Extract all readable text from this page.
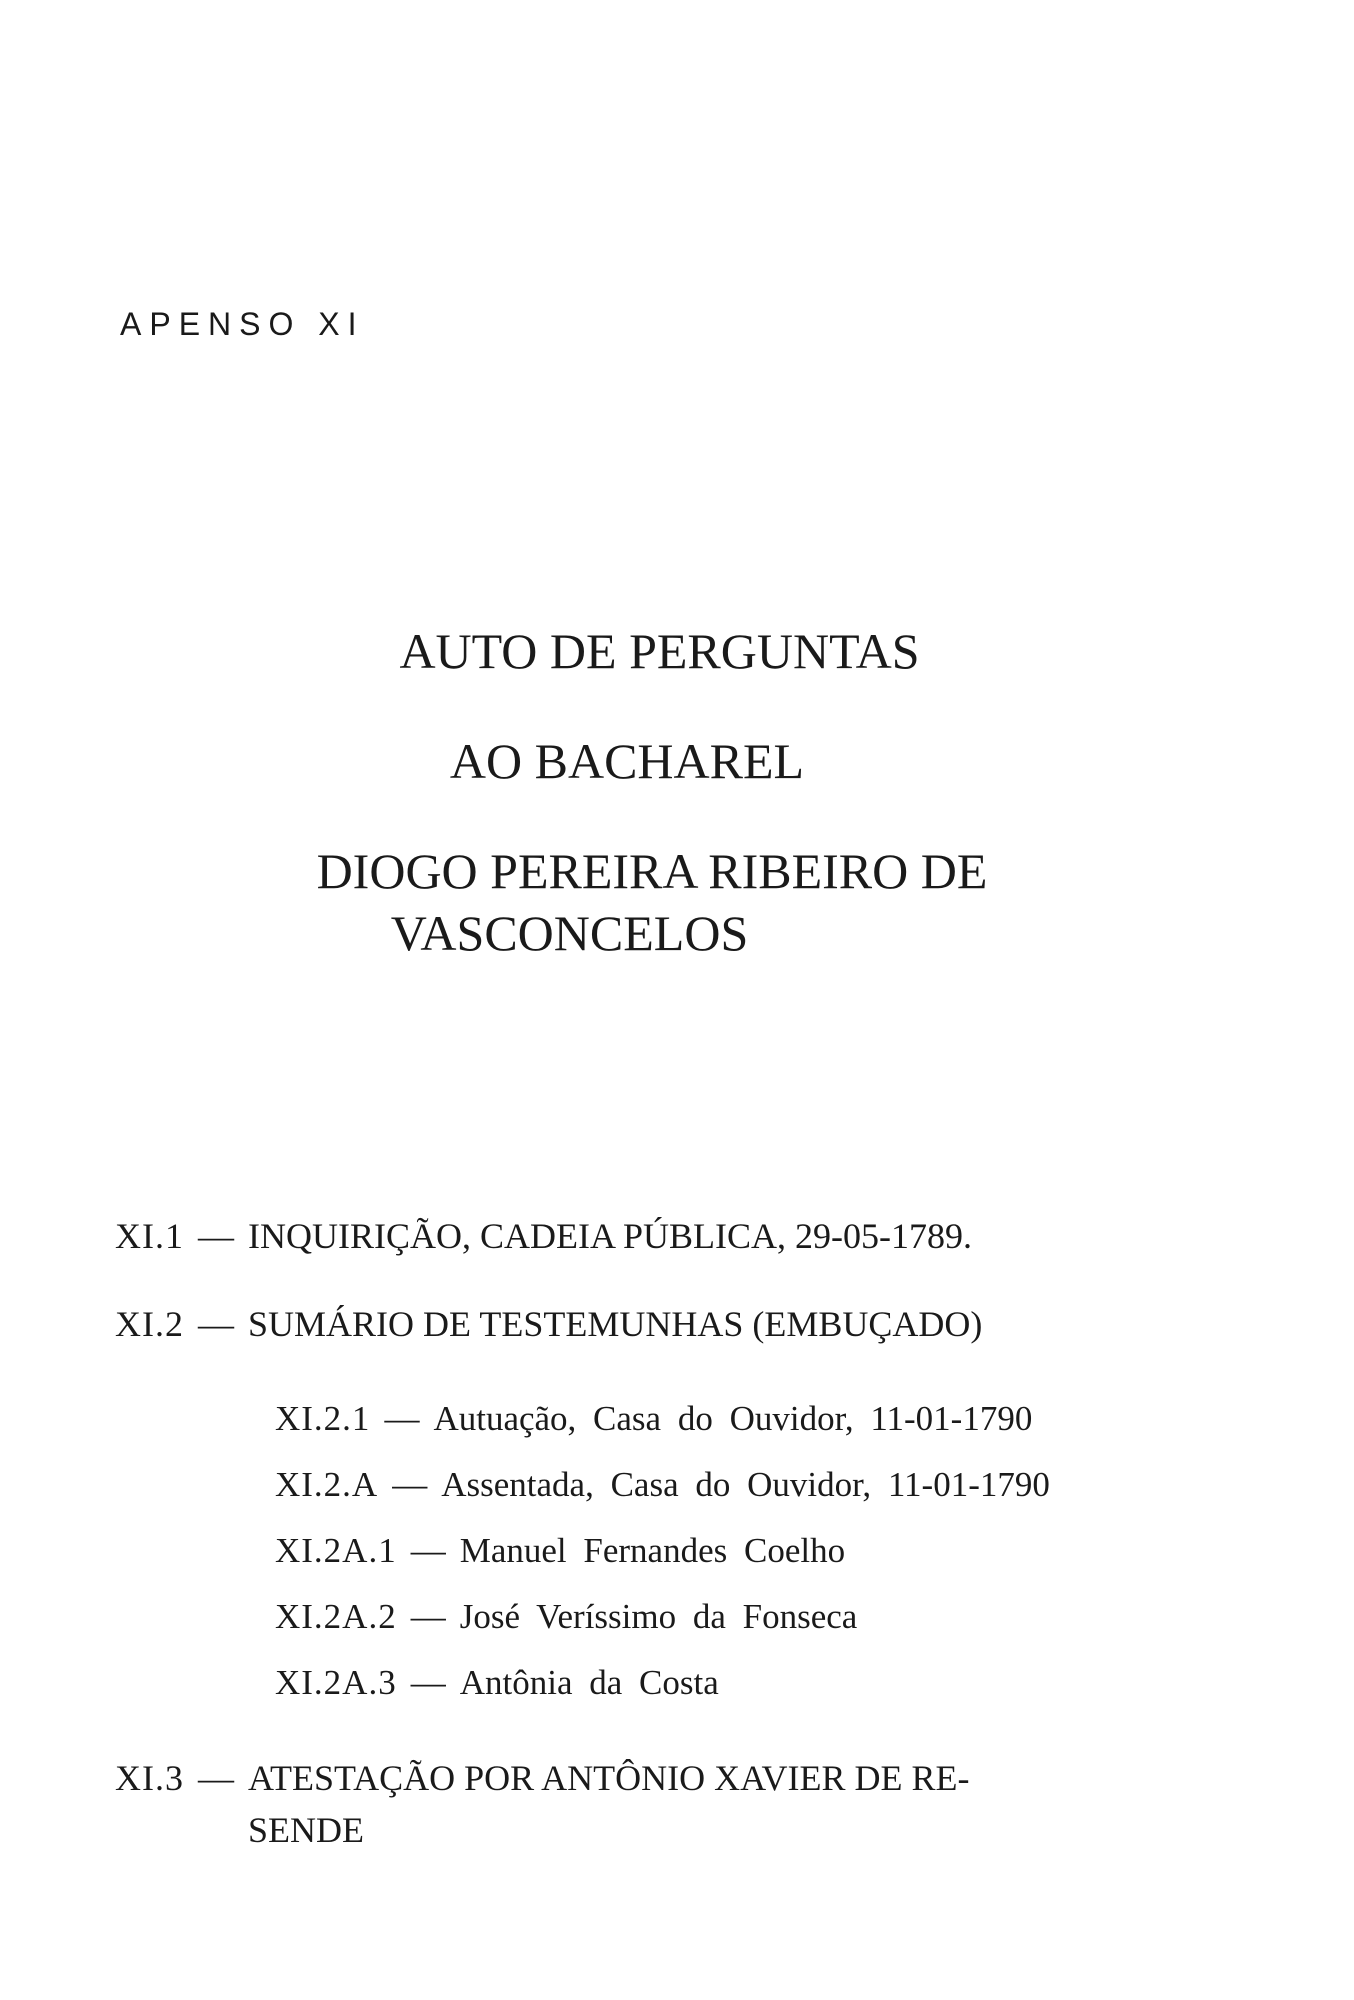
APENSO XI
AUTO DE PERGUNTAS
AO BACHAREL
DIOGO PEREIRA RIBEIRO DE
VASCONCELOS
XI.1 — INQUIRIÇÃO, CADEIA PÚBLICA, 29-05-1789.
XI.2 — SUMÁRIO DE TESTEMUNHAS (EMBUÇADO)
XI.2.1 — Autuação, Casa do Ouvidor, 11-01-1790
XI.2.A — Assentada, Casa do Ouvidor, 11-01-1790
XI.2A.1 — Manuel Fernandes Coelho
XI.2A.2 — José Veríssimo da Fonseca
XI.2A.3 — Antônia da Costa
XI.3 — ATESTAÇÃO POR ANTÔNIO XAVIER DE RE-
SENDE
